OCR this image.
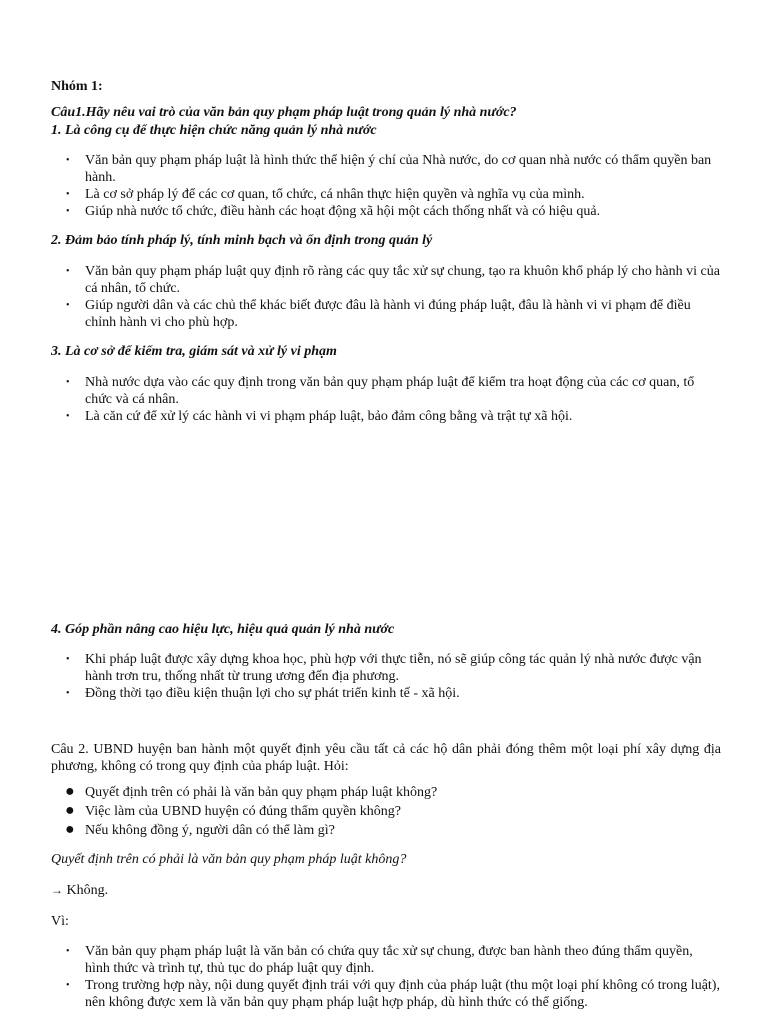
Nhóm 1:

Câu1.Hãy nêu vai trò của văn bản quy phạm pháp luật trong quản lý nhà nước?

1. Là công cụ để thực hiện chức năng quản lý nhà nước

• Văn bản quy phạm pháp luật là hình thức thể hiện ý chí của Nhà nước, do cơ quan nhà nước có thẩm quyền ban hành.
• Là cơ sở pháp lý để các cơ quan, tổ chức, cá nhân thực hiện quyền và nghĩa vụ của mình.
• Giúp nhà nước tổ chức, điều hành các hoạt động xã hội một cách thống nhất và có hiệu quả.

2. Đảm bảo tính pháp lý, tính minh bạch và ổn định trong quản lý

• Văn bản quy phạm pháp luật quy định rõ ràng các quy tắc xử sự chung, tạo ra khuôn khổ pháp lý cho hành vi của cá nhân, tổ chức.
• Giúp người dân và các chủ thể khác biết được đâu là hành vi đúng pháp luật, đâu là hành vi vi phạm để điều chỉnh hành vi cho phù hợp.

3. Là cơ sở để kiểm tra, giám sát và xử lý vi phạm

• Nhà nước dựa vào các quy định trong văn bản quy phạm pháp luật để kiểm tra hoạt động của các cơ quan, tổ chức và cá nhân.
• Là căn cứ để xử lý các hành vi vi phạm pháp luật, bảo đảm công bằng và trật tự xã hội.

4. Góp phần nâng cao hiệu lực, hiệu quả quản lý nhà nước

• Khi pháp luật được xây dựng khoa học, phù hợp với thực tiễn, nó sẽ giúp công tác quản lý nhà nước được vận hành trơn tru, thống nhất từ trung ương đến địa phương.
• Đồng thời tạo điều kiện thuận lợi cho sự phát triển kinh tế - xã hội.

Câu 2. UBND huyện ban hành một quyết định yêu cầu tất cả các hộ dân phải đóng thêm một loại phí xây dựng địa phương, không có trong quy định của pháp luật. Hỏi:

● Quyết định trên có phải là văn bản quy phạm pháp luật không?
● Việc làm của UBND huyện có đúng thẩm quyền không?
● Nếu không đồng ý, người dân có thể làm gì?

Quyết định trên có phải là văn bản quy phạm pháp luật không?

→ Không.

Vì:

• Văn bản quy phạm pháp luật là văn bản có chứa quy tắc xử sự chung, được ban hành theo đúng thẩm quyền, hình thức và trình tự, thủ tục do pháp luật quy định.
• Trong trường hợp này, nội dung quyết định trái với quy định của pháp luật (thu một loại phí không có trong luật), nên không được xem là văn bản quy phạm pháp luật hợp pháp, dù hình thức có thể giống.
